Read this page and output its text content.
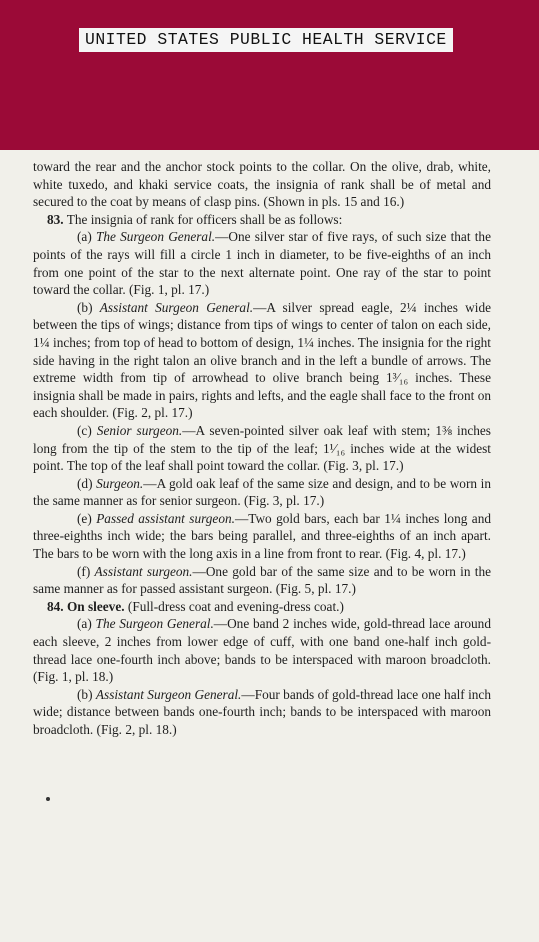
UNITED STATES PUBLIC HEALTH SERVICE

toward the rear and the anchor stock points to the collar. On the olive, drab, white, white tuxedo, and khaki service coats, the insignia of rank shall be of metal and secured to the coat by means of clasp pins. (Shown in pls. 15 and 16.)

83. The insignia of rank for officers shall be as follows:

(a) The Surgeon General.—One silver star of five rays, of such size that the points of the rays will fill a circle 1 inch in diameter, to be five-eighths of an inch from one point of the star to the next alternate point. One ray of the star to point toward the collar. (Fig. 1, pl. 17.)

(b) Assistant Surgeon General.—A silver spread eagle, 2¼ inches wide between the tips of wings; distance from tips of wings to center of talon on each side, 1¼ inches; from top of head to bottom of design, 1¼ inches. The insignia for the right side having in the right talon an olive branch and in the left a bundle of arrows. The extreme width from tip of arrowhead to olive branch being 1³⁄₁₆ inches. These insignia shall be made in pairs, rights and lefts, and the eagle shall face to the front on each shoulder. (Fig. 2, pl. 17.)

(c) Senior surgeon.—A seven-pointed silver oak leaf with stem; 1⅜ inches long from the tip of the stem to the tip of the leaf; 1¹⁄₁₆ inches wide at the widest point. The top of the leaf shall point toward the collar. (Fig. 3, pl. 17.)

(d) Surgeon.—A gold oak leaf of the same size and design, and to be worn in the same manner as for senior surgeon. (Fig. 3, pl. 17.)

(e) Passed assistant surgeon.—Two gold bars, each bar 1¼ inches long and three-eighths inch wide; the bars being parallel, and three-eighths of an inch apart. The bars to be worn with the long axis in a line from front to rear. (Fig. 4, pl. 17.)

(f) Assistant surgeon.—One gold bar of the same size and to be worn in the same manner as for passed assistant surgeon. (Fig. 5, pl. 17.)

84. On sleeve. (Full-dress coat and evening-dress coat.)

(a) The Surgeon General.—One band 2 inches wide, gold-thread lace around each sleeve, 2 inches from lower edge of cuff, with one band one-half inch gold-thread lace one-fourth inch above; bands to be interspaced with maroon broadcloth. (Fig. 1, pl. 18.)

(b) Assistant Surgeon General.—Four bands of gold-thread lace one half inch wide; distance between bands one-fourth inch; bands to be interspaced with maroon broadcloth. (Fig. 2, pl. 18.)
